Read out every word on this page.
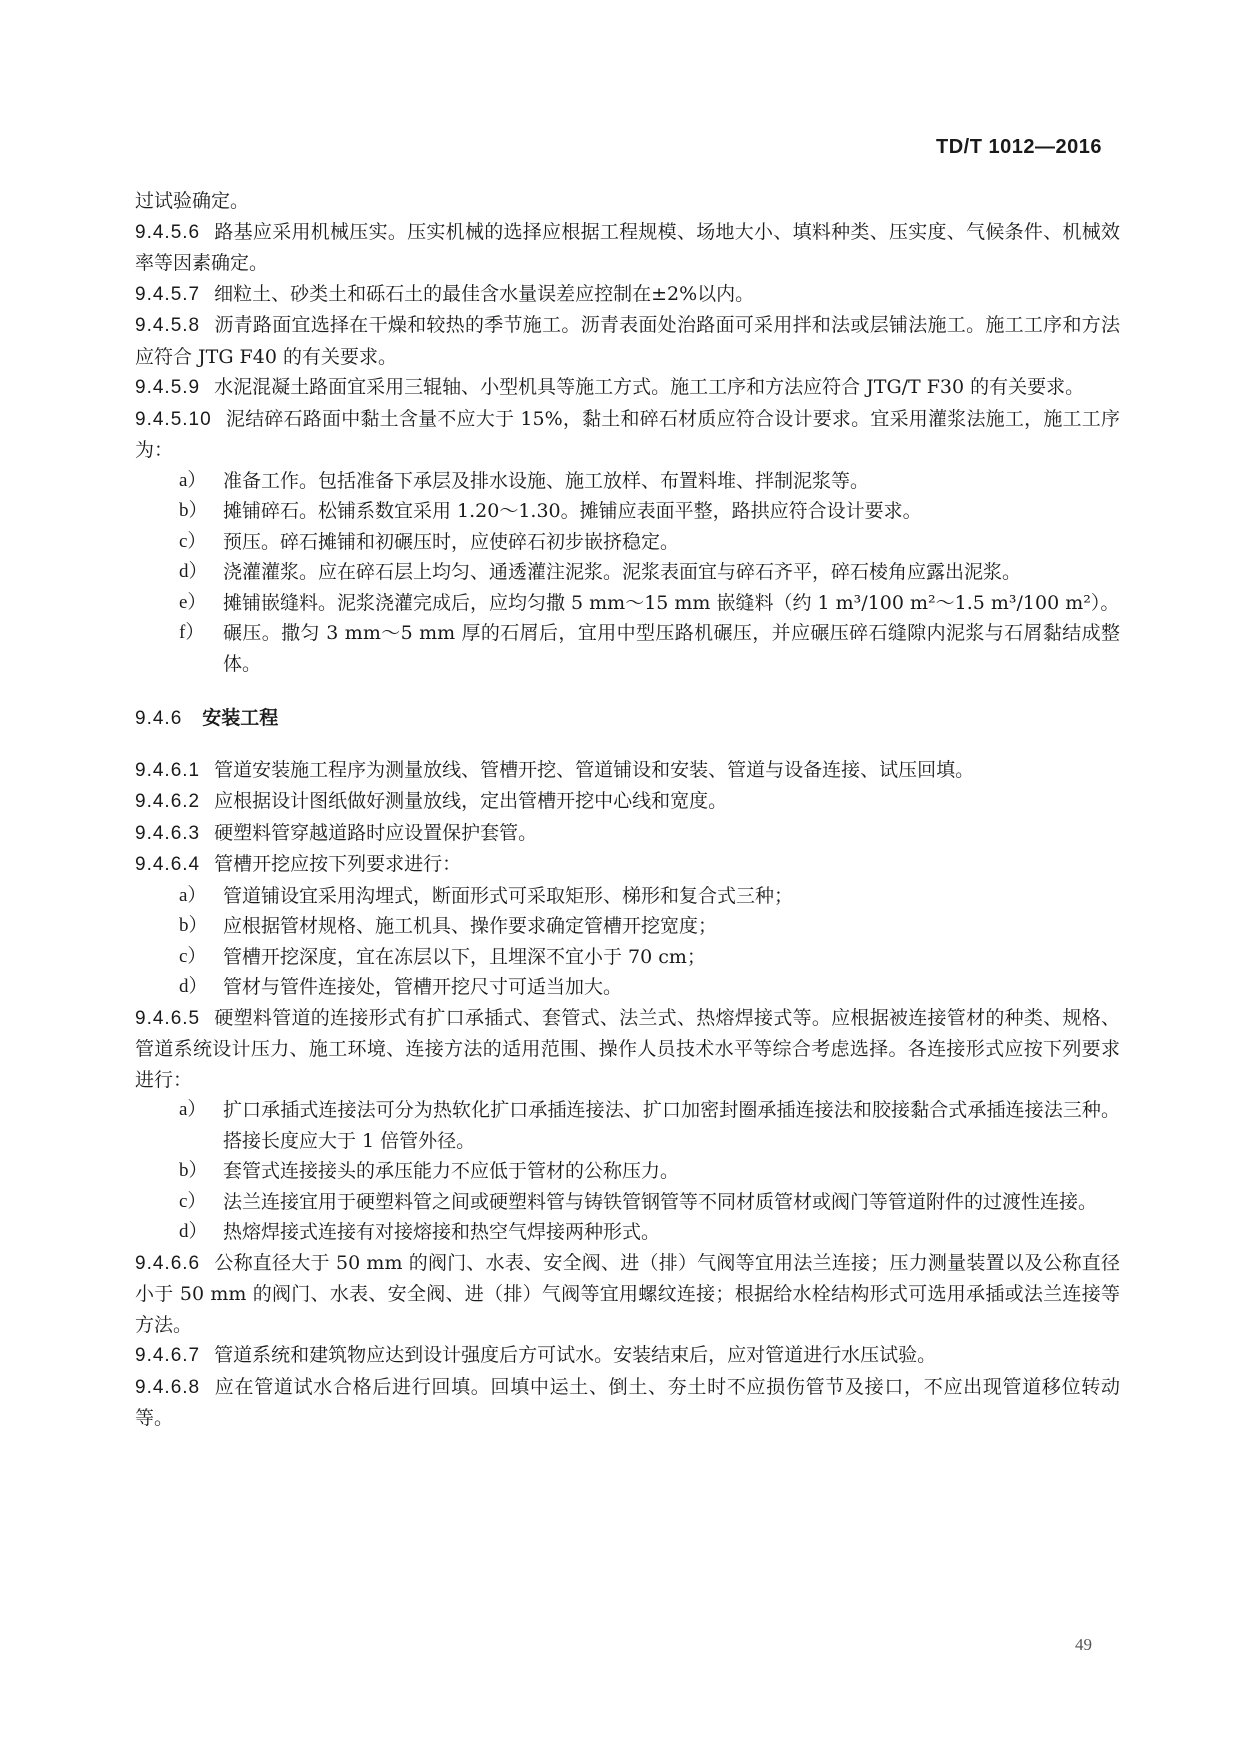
TD/T 1012—2016

过试验确定。

9.4.5.6 路基应采用机械压实。压实机械的选择应根据工程规模、场地大小、填料种类、压实度、气候条件、机械效率等因素确定。

9.4.5.7 细粒土、砂类土和砾石土的最佳含水量误差应控制在±2%以内。

9.4.5.8 沥青路面宜选择在干燥和较热的季节施工。沥青表面处治路面可采用拌和法或层铺法施工。施工工序和方法应符合 JTG F40 的有关要求。

9.4.5.9 水泥混凝土路面宜采用三辊轴、小型机具等施工方式。施工工序和方法应符合 JTG/T F30 的有关要求。

9.4.5.10 泥结碎石路面中黏土含量不应大于 15%，黏土和碎石材质应符合设计要求。宜采用灌浆法施工，施工工序为：

a） 准备工作。包括准备下承层及排水设施、施工放样、布置料堆、拌制泥浆等。

b） 摊铺碎石。松铺系数宜采用 1.20～1.30。摊铺应表面平整，路拱应符合设计要求。

c） 预压。碎石摊铺和初碾压时，应使碎石初步嵌挤稳定。

d） 浇灌灌浆。应在碎石层上均匀、通透灌注泥浆。泥浆表面宜与碎石齐平，碎石棱角应露出泥浆。

e） 摊铺嵌缝料。泥浆浇灌完成后，应均匀撒 5 mm～15 mm 嵌缝料（约 1 m³/100 m²～1.5 m³/100 m²）。

f） 碾压。撒匀 3 mm～5 mm 厚的石屑后，宜用中型压路机碾压，并应碾压碎石缝隙内泥浆与石屑黏结成整体。

9.4.6 安装工程

9.4.6.1 管道安装施工程序为测量放线、管槽开挖、管道铺设和安装、管道与设备连接、试压回填。

9.4.6.2 应根据设计图纸做好测量放线，定出管槽开挖中心线和宽度。

9.4.6.3 硬塑料管穿越道路时应设置保护套管。

9.4.6.4 管槽开挖应按下列要求进行：

a） 管道铺设宜采用沟埋式，断面形式可采取矩形、梯形和复合式三种；

b） 应根据管材规格、施工机具、操作要求确定管槽开挖宽度；

c） 管槽开挖深度，宜在冻层以下，且埋深不宜小于 70 cm；

d） 管材与管件连接处，管槽开挖尺寸可适当加大。

9.4.6.5 硬塑料管道的连接形式有扩口承插式、套管式、法兰式、热熔焊接式等。应根据被连接管材的种类、规格、管道系统设计压力、施工环境、连接方法的适用范围、操作人员技术水平等综合考虑选择。各连接形式应按下列要求进行：

a） 扩口承插式连接法可分为热软化扩口承插连接法、扩口加密封圈承插连接法和胶接黏合式承插连接法三种。搭接长度应大于 1 倍管外径。

b） 套管式连接接头的承压能力不应低于管材的公称压力。

c） 法兰连接宜用于硬塑料管之间或硬塑料管与铸铁管钢管等不同材质管材或阀门等管道附件的过渡性连接。

d） 热熔焊接式连接有对接熔接和热空气焊接两种形式。

9.4.6.6 公称直径大于 50 mm 的阀门、水表、安全阀、进（排）气阀等宜用法兰连接；压力测量装置以及公称直径小于 50 mm 的阀门、水表、安全阀、进（排）气阀等宜用螺纹连接；根据给水栓结构形式可选用承插或法兰连接等方法。

9.4.6.7 管道系统和建筑物应达到设计强度后方可试水。安装结束后，应对管道进行水压试验。

9.4.6.8 应在管道试水合格后进行回填。回填中运土、倒土、夯土时不应损伤管节及接口，不应出现管道移位转动等。

49
